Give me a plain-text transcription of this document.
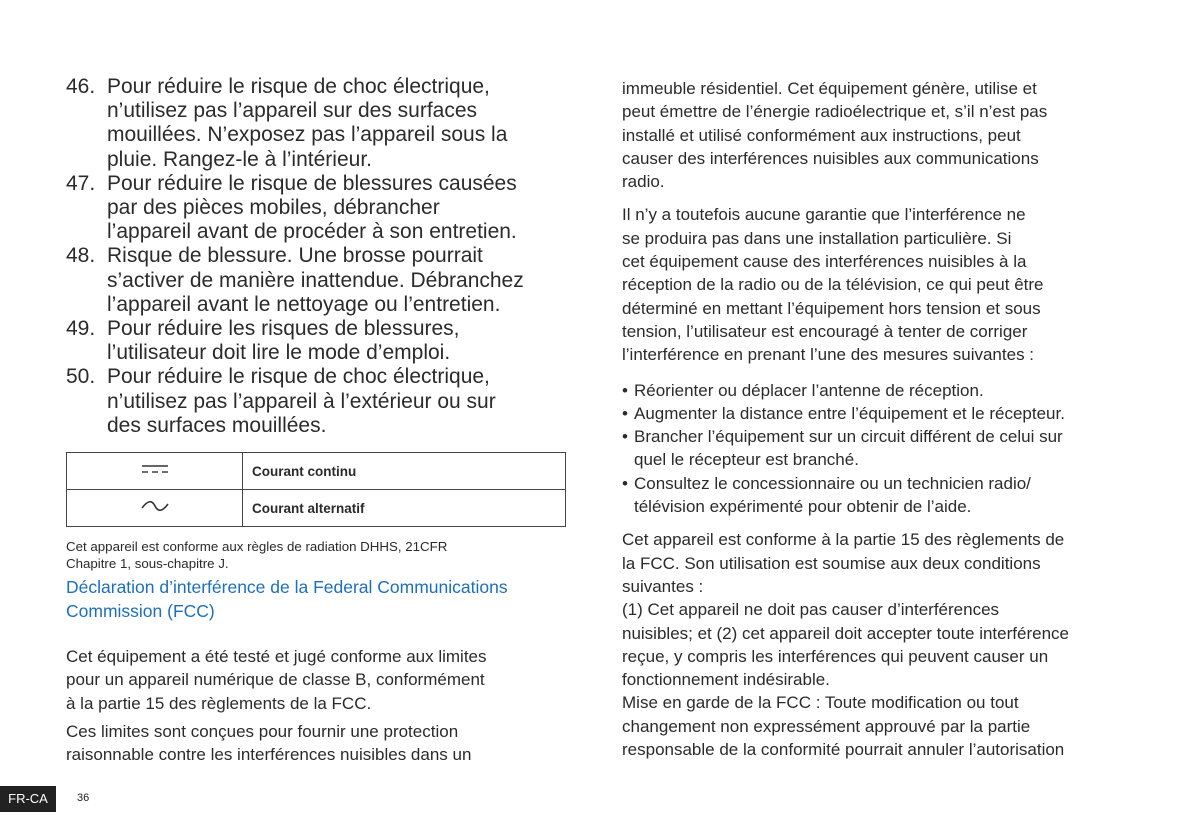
46. Pour réduire le risque de choc électrique,
n’utilisez pas l’appareil sur des surfaces
mouillées. N’exposez pas l’appareil sous la
pluie. Rangez-le à l’intérieur.
47. Pour réduire le risque de blessures causées
par des pièces mobiles, débrancher
l’appareil avant de procéder à son entretien.
48. Risque de blessure. Une brosse pourrait
s’activer de manière inattendue. Débranchez
l’appareil avant le nettoyage ou l’entretien.
49. Pour réduire les risques de blessures,
l’utilisateur doit lire le mode d’emploi.
50. Pour réduire le risque de choc électrique,
n’utilisez pas l’appareil à l’extérieur ou sur
des surfaces mouillées.
	Courant continu
	Courant alternatif
Cet appareil est conforme aux règles de radiation DHHS, 21CFR
Chapitre 1, sous-chapitre J.
Déclaration d’interférence de la Federal Communications
Commission (FCC)
Cet équipement a été testé et jugé conforme aux limites
pour un appareil numérique de classe B, conformément
à la partie 15 des règlements de la FCC.
Ces limites sont conçues pour fournir une protection
raisonnable contre les interférences nuisibles dans un
immeuble résidentiel. Cet équipement génère, utilise et
peut émettre de l’énergie radioélectrique et, s’il n’est pas
installé et utilisé conformément aux instructions, peut
causer des interférences nuisibles aux communications
radio.
Il n’y a toutefois aucune garantie que l’interférence ne
se produira pas dans une installation particulière. Si
cet équipement cause des interférences nuisibles à la
réception de la radio ou de la télévision, ce qui peut être
déterminé en mettant l’équipement hors tension et sous
tension, l’utilisateur est encouragé à tenter de corriger
l’interférence en prenant l’une des mesures suivantes :
• Réorienter ou déplacer l’antenne de réception.
• Augmenter la distance entre l’équipement et le récepteur.
• Brancher l’équipement sur un circuit différent de celui sur
quel le récepteur est branché.
• Consultez le concessionnaire ou un technicien radio/
télévision expérimenté pour obtenir de l’aide.
Cet appareil est conforme à la partie 15 des règlements de
la FCC. Son utilisation est soumise aux deux conditions
suivantes :
(1) Cet appareil ne doit pas causer d’interférences
nuisibles; et (2) cet appareil doit accepter toute interférence
reçue, y compris les interférences qui peuvent causer un
fonctionnement indésirable.
Mise en garde de la FCC : Toute modification ou tout
changement non expressément approuvé par la partie
responsable de la conformité pourrait annuler l’autorisation
FR-CA	36
